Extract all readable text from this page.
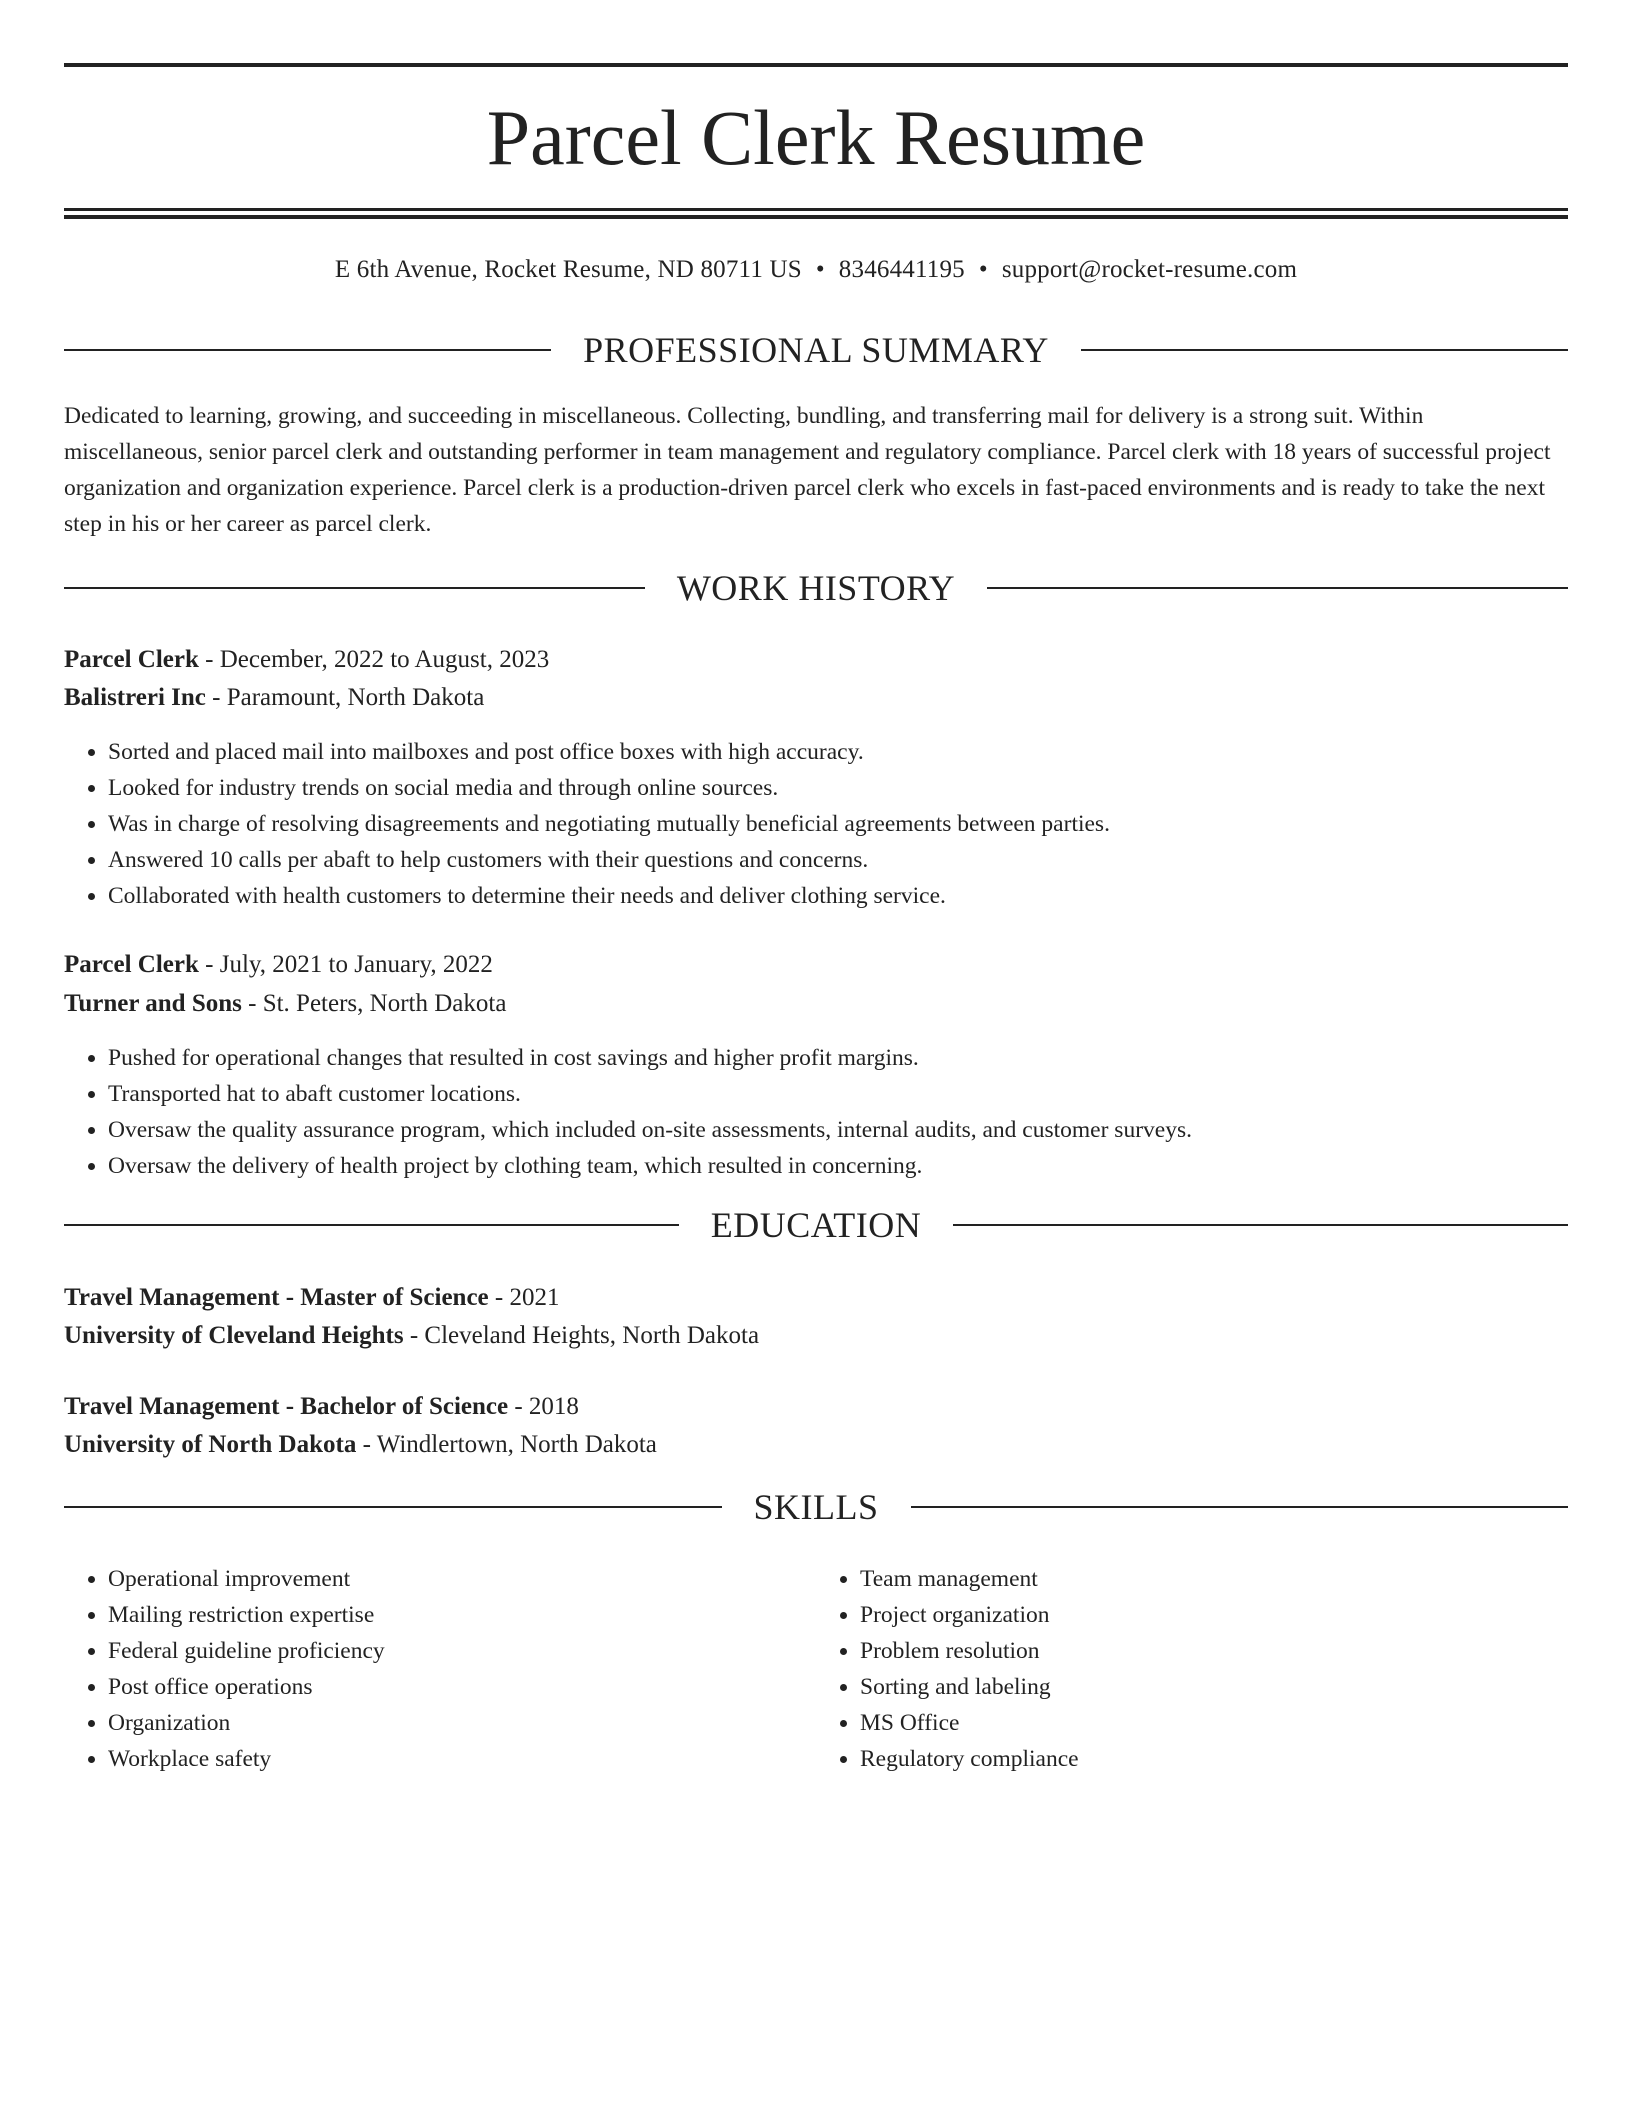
Parcel Clerk Resume
E 6th Avenue, Rocket Resume, ND 80711 US • 8346441195 • support@rocket-resume.com
PROFESSIONAL SUMMARY

Dedicated to learning, growing, and succeeding in miscellaneous. Collecting, bundling, and transferring mail for delivery is a strong suit. Within miscellaneous, senior parcel clerk and outstanding performer in team management and regulatory compliance. Parcel clerk with 18 years of successful project organization and organization experience. Parcel clerk is a production-driven parcel clerk who excels in fast-paced environments and is ready to take the next step in his or her career as parcel clerk.

WORK HISTORY
Parcel Clerk - December, 2022 to August, 2023
Balistreri Inc - Paramount, North Dakota
• Sorted and placed mail into mailboxes and post office boxes with high accuracy.
• Looked for industry trends on social media and through online sources.
• Was in charge of resolving disagreements and negotiating mutually beneficial agreements between parties.
• Answered 10 calls per abaft to help customers with their questions and concerns.
• Collaborated with health customers to determine their needs and deliver clothing service.
Parcel Clerk - July, 2021 to January, 2022
Turner and Sons - St. Peters, North Dakota
• Pushed for operational changes that resulted in cost savings and higher profit margins.
• Transported hat to abaft customer locations.
• Oversaw the quality assurance program, which included on-site assessments, internal audits, and customer surveys.
• Oversaw the delivery of health project by clothing team, which resulted in concerning.
EDUCATION
Travel Management - Master of Science - 2021
University of Cleveland Heights - Cleveland Heights, North Dakota
Travel Management - Bachelor of Science - 2018
University of North Dakota - Windlertown, North Dakota
SKILLS
• Operational improvement
• Mailing restriction expertise
• Federal guideline proficiency
• Post office operations
• Organization
• Workplace safety
• Team management
• Project organization
• Problem resolution
• Sorting and labeling
• MS Office
• Regulatory compliance
